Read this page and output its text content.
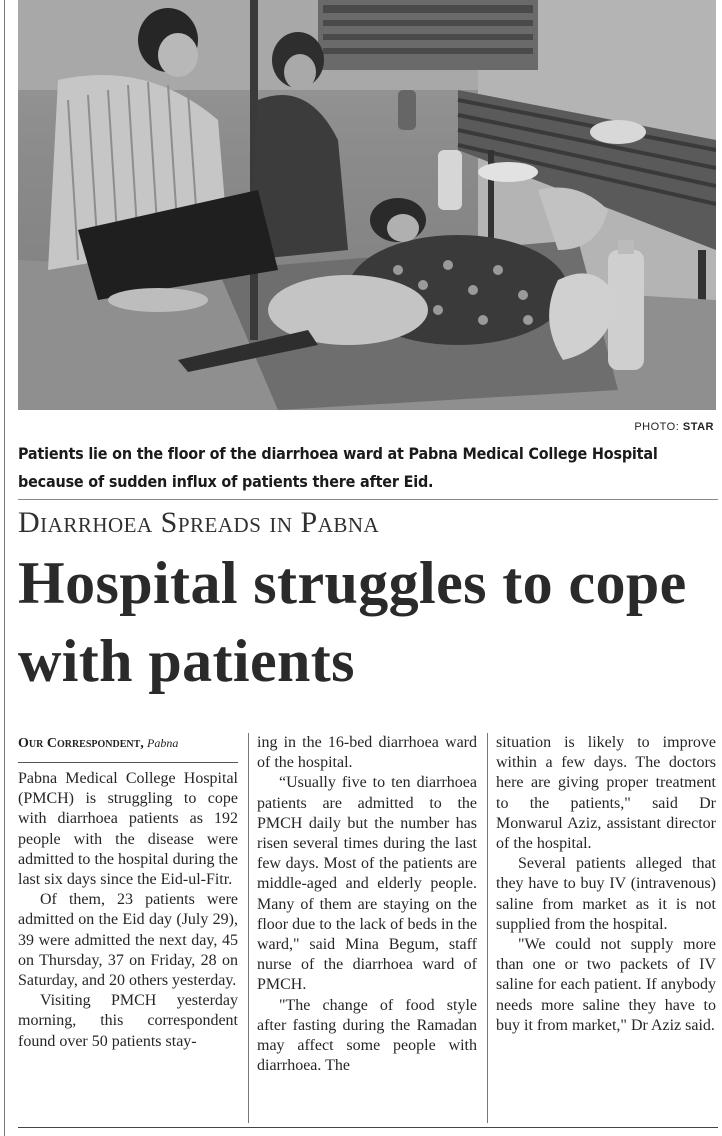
PHOTO: STAR
Patients lie on the floor of the diarrhoea ward at Pabna Medical College Hospital because of sudden influx of patients there after Eid.
Diarrhoea Spreads in Pabna
Hospital struggles to cope with patients
Our Correspondent, Pabna

Pabna Medical College Hospital (PMCH) is struggling to cope with diarrhoea patients as 192 people with the disease were admitted to the hospital during the last six days since the Eid-ul-Fitr.

Of them, 23 patients were admitted on the Eid day (July 29), 39 were admitted the next day, 45 on Thursday, 37 on Friday, 28 on Saturday, and 20 others yesterday.

Visiting PMCH yesterday morning, this correspondent found over 50 patients stay-

ing in the 16-bed diarrhoea ward of the hospital.

“Usually five to ten diarrhoea patients are admitted to the PMCH daily but the number has risen several times during the last few days. Most of the patients are middle-aged and elderly people. Many of them are staying on the floor due to the lack of beds in the ward," said Mina Begum, staff nurse of the diarrhoea ward of PMCH.

"The change of food style after fasting during the Ramadan may affect some people with diarrhoea. The

situation is likely to improve within a few days. The doctors here are giving proper treatment to the patients," said Dr Monwarul Aziz, assistant director of the hospital.

Several patients alleged that they have to buy IV (intravenous) saline from market as it is not supplied from the hospital.

"We could not supply more than one or two packets of IV saline for each patient. If anybody needs more saline they have to buy it from market," Dr Aziz said.
